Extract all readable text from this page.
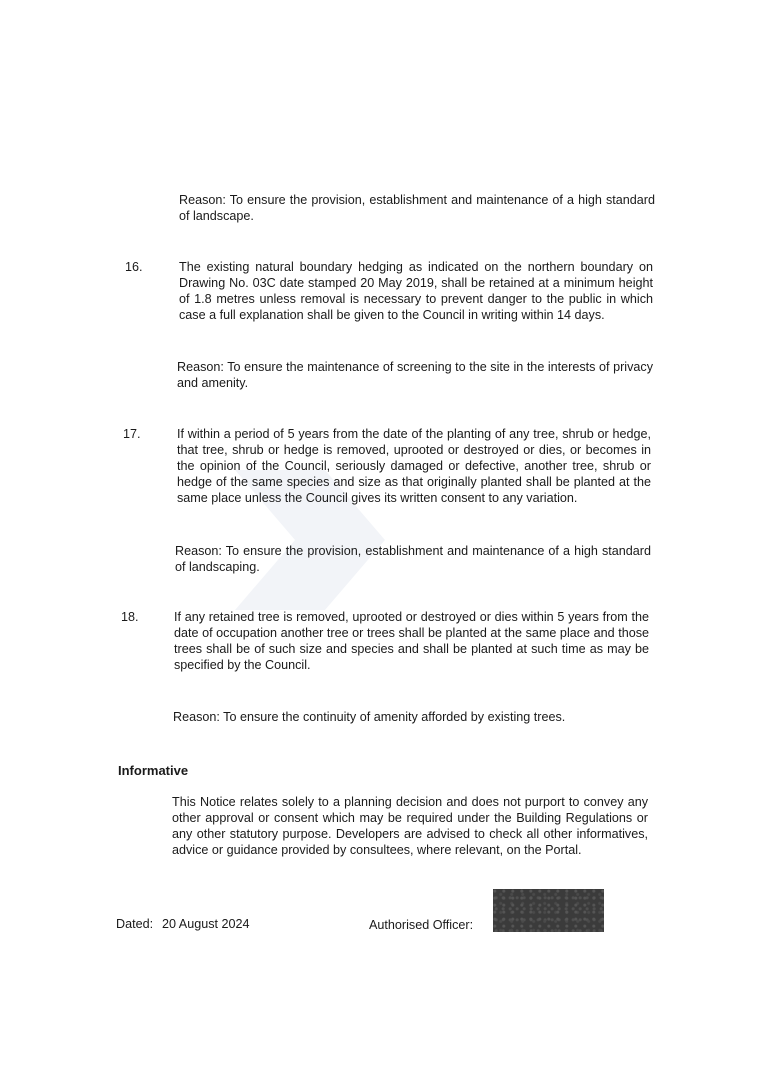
Reason: To ensure the provision, establishment and maintenance of a high standard of landscape.
16.	The existing natural boundary hedging as indicated on the northern boundary on Drawing No. 03C date stamped 20 May 2019, shall be retained at a minimum height of 1.8 metres unless removal is necessary to prevent danger to the public in which case a full explanation shall be given to the Council in writing within 14 days.
Reason: To ensure the maintenance of screening to the site in the interests of privacy and amenity.
17.	If within a period of 5 years from the date of the planting of any tree, shrub or hedge, that tree, shrub or hedge is removed, uprooted or destroyed or dies, or becomes in the opinion of the Council, seriously damaged or defective, another tree, shrub or hedge of the same species and size as that originally planted shall be planted at the same place unless the Council gives its written consent to any variation.
Reason: To ensure the provision, establishment and maintenance of a high standard of landscaping.
18.	If any retained tree is removed, uprooted or destroyed or dies within 5 years from the date of occupation another tree or trees shall be planted at the same place and those trees shall be of such size and species and shall be planted at such time as may be specified by the Council.
Reason: To ensure the continuity of amenity afforded by existing trees.
Informative
This Notice relates solely to a planning decision and does not purport to convey any other approval or consent which may be required under the Building Regulations or any other statutory purpose. Developers are advised to check all other informatives, advice or guidance provided by consultees, where relevant, on the Portal.
Dated: 20 August 2024	Authorised Officer:
